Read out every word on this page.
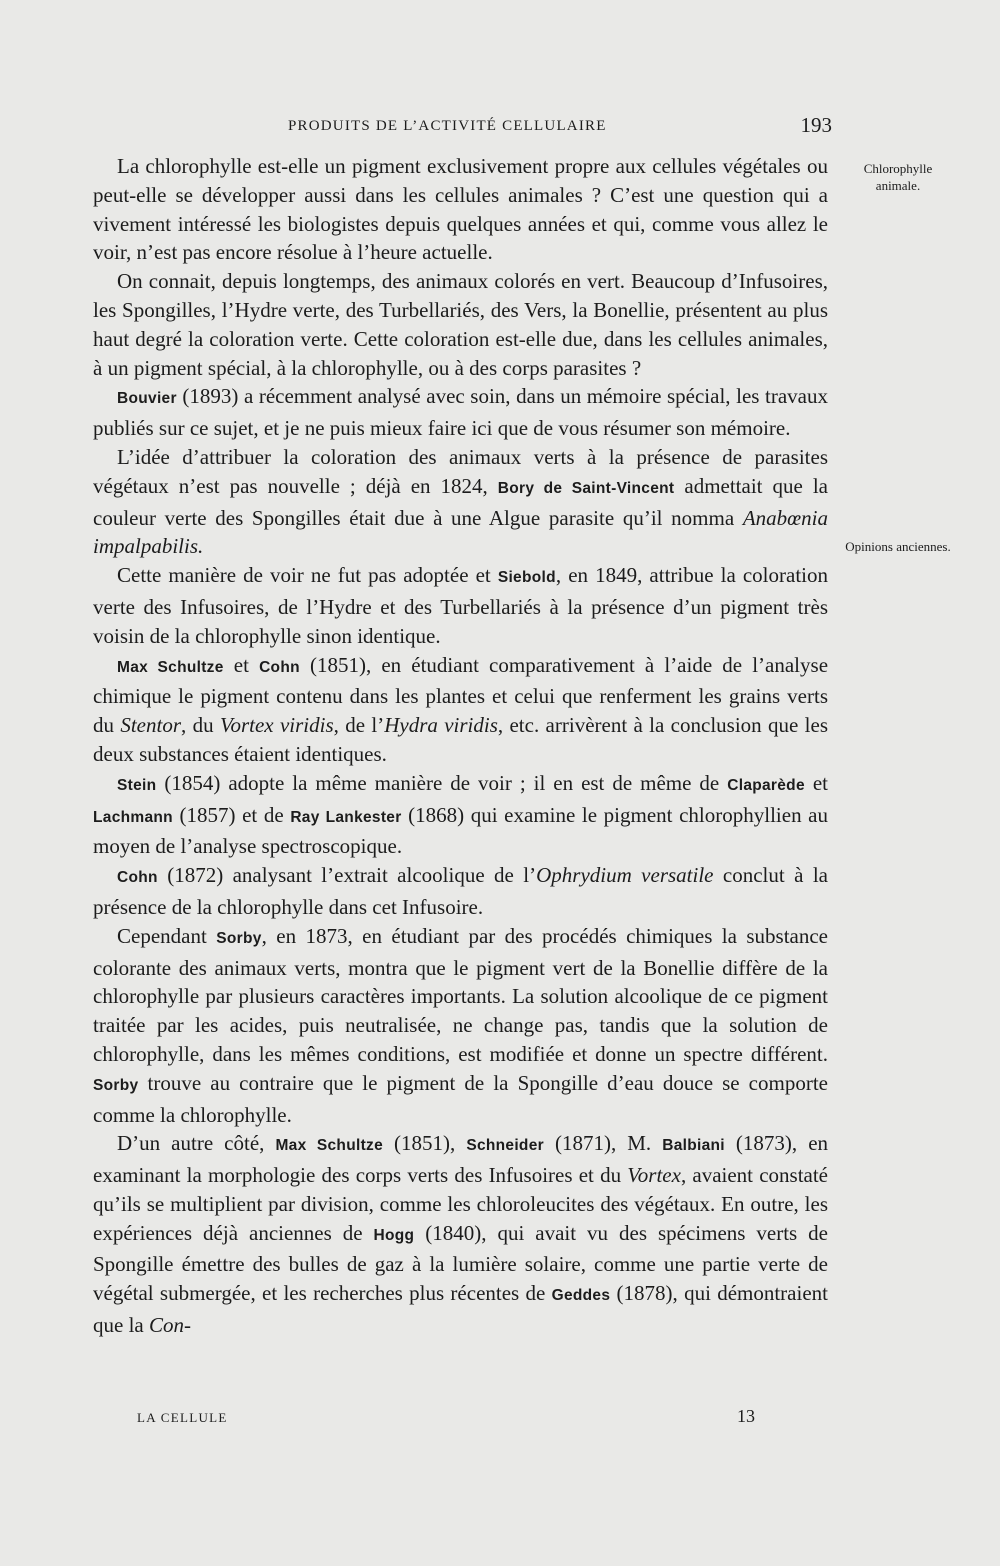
PRODUITS DE L’ACTIVITÉ CELLULAIRE	193
Chlorophylle animale.
Opinions anciennes.

La chlorophylle est-elle un pigment exclusivement propre aux cellules végétales ou peut-elle se développer aussi dans les cellules animales ? C’est une question qui a vivement intéressé les biologistes depuis quelques années et qui, comme vous allez le voir, n’est pas encore résolue à l’heure actuelle.

On connait, depuis longtemps, des animaux colorés en vert. Beaucoup d’Infusoires, les Spongilles, l’Hydre verte, des Turbellariés, des Vers, la Bonellie, présentent au plus haut degré la coloration verte. Cette coloration est-elle due, dans les cellules animales, à un pigment spécial, à la chlorophylle, ou à des corps parasites ?

Bouvier (1893) a récemment analysé avec soin, dans un mémoire spécial, les travaux publiés sur ce sujet, et je ne puis mieux faire ici que de vous résumer son mémoire.

L’idée d’attribuer la coloration des animaux verts à la présence de parasites végétaux n’est pas nouvelle ; déjà en 1824, Bory de Saint-Vincent admettait que la couleur verte des Spongilles était due à une Algue parasite qu’il nomma Anabœnia impalpabilis.

Cette manière de voir ne fut pas adoptée et Siebold, en 1849, attribue la coloration verte des Infusoires, de l’Hydre et des Turbellariés à la présence d’un pigment très voisin de la chlorophylle sinon identique.

Max Schultze et Cohn (1851), en étudiant comparativement à l’aide de l’analyse chimique le pigment contenu dans les plantes et celui que renferment les grains verts du Stentor, du Vortex viridis, de l’Hydra viridis, etc. arrivèrent à la conclusion que les deux substances étaient identiques.

Stein (1854) adopte la même manière de voir ; il en est de même de Claparède et Lachmann (1857) et de Ray Lankester (1868) qui examine le pigment chlorophyllien au moyen de l’analyse spectroscopique.

Cohn (1872) analysant l’extrait alcoolique de l’Ophrydium versatile conclut à la présence de la chlorophylle dans cet Infusoire.

Cependant Sorby, en 1873, en étudiant par des procédés chimiques la substance colorante des animaux verts, montra que le pigment vert de la Bonellie diffère de la chlorophylle par plusieurs caractères importants. La solution alcoolique de ce pigment traitée par les acides, puis neutralisée, ne change pas, tandis que la solution de chlorophylle, dans les mêmes conditions, est modifiée et donne un spectre différent. Sorby trouve au contraire que le pigment de la Spongille d’eau douce se comporte comme la chlorophylle.

D’un autre côté, Max Schultze (1851), Schneider (1871), M. Balbiani (1873), en examinant la morphologie des corps verts des Infusoires et du Vortex, avaient constaté qu’ils se multiplient par division, comme les chloroleucites des végétaux. En outre, les expériences déjà anciennes de Hogg (1840), qui avait vu des spécimens verts de Spongille émettre des bulles de gaz à la lumière solaire, comme une partie verte de végétal submergée, et les recherches plus récentes de Geddes (1878), qui démontraient que la Con-

LA CELLULE	13
